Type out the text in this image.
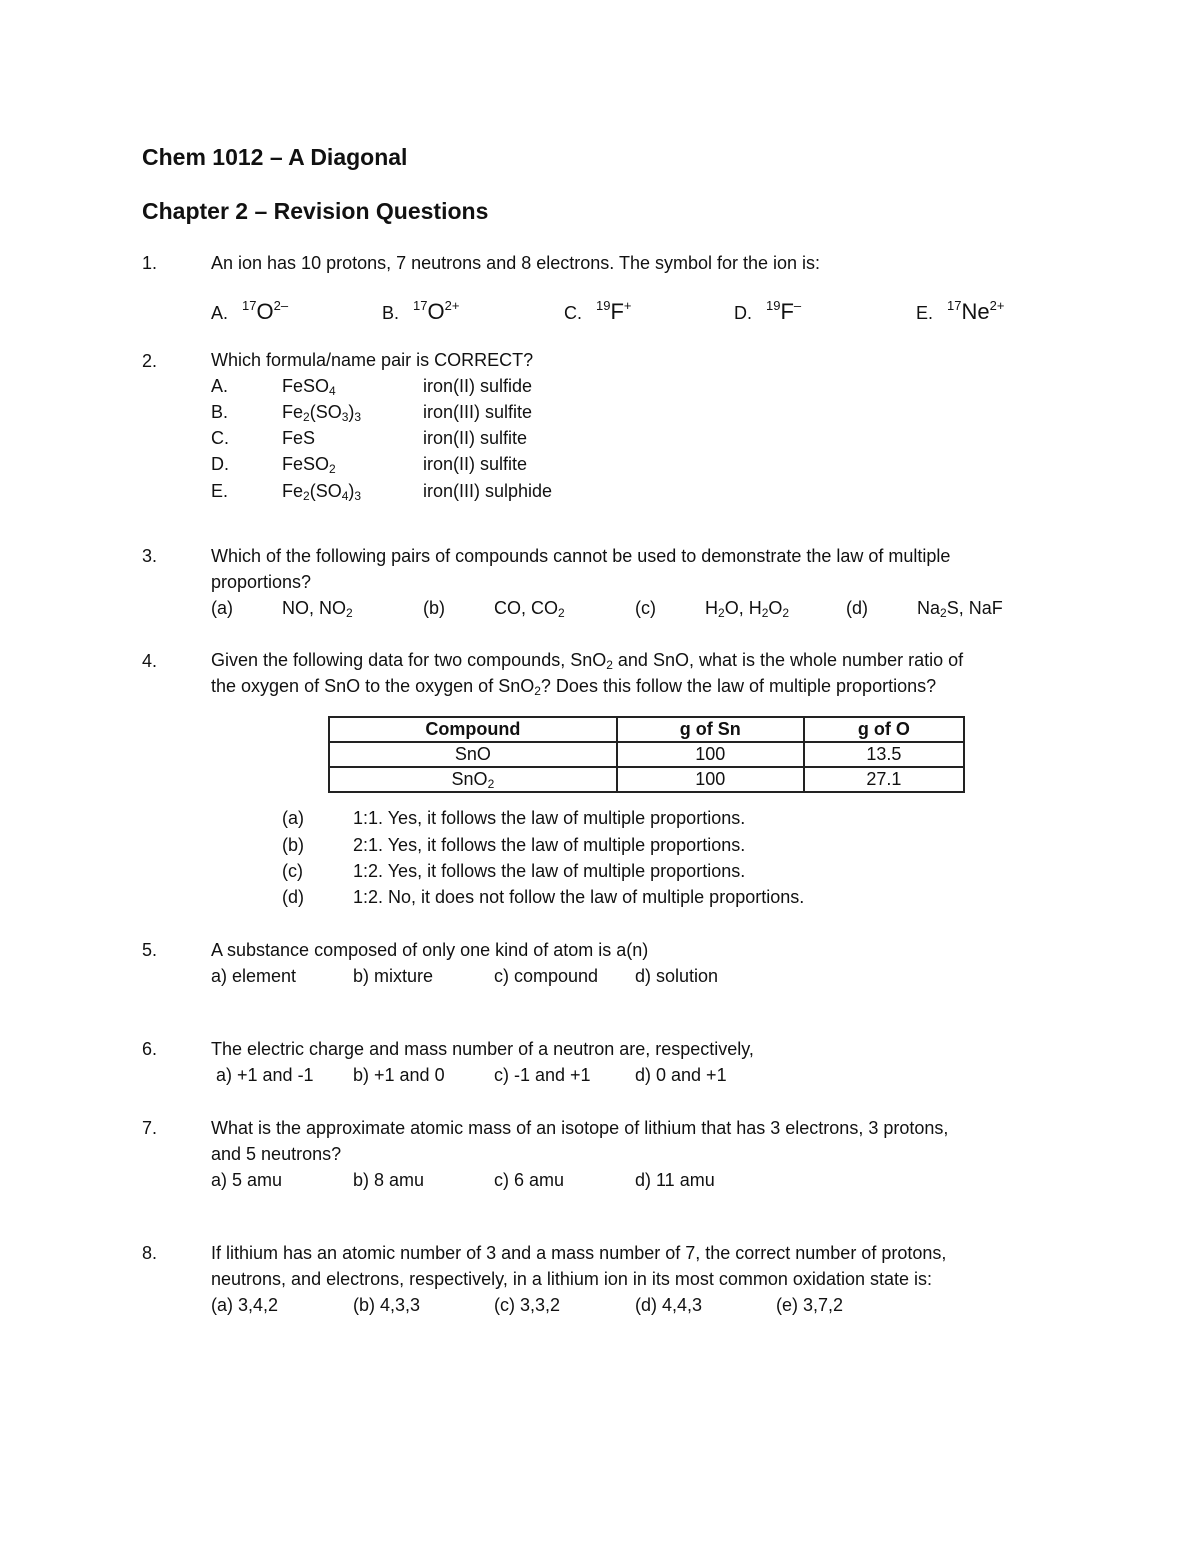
Chem 1012 – A Diagonal
Chapter 2 – Revision Questions
1.	An ion has 10 protons, 7 neutrons and 8 electrons. The symbol for the ion is:
A. $^{17}O^{2-}$	B. $^{17}O^{2+}$	C. $^{19}$F+	D. $^{19}$F–	E. $^{17}Ne^{2+}$
2.	Which formula/name pair is CORRECT?
A.	FeSO$_4$	iron(II) sulfide
B.	$Fe_2(SO_3)_3$	iron(III) sulfite
C.	FeS	iron(II) sulfite
D.	FeSO$_2$	iron(II) sulfite
E.	$Fe_2(SO_4)_3$	iron(III) sulphide
3.	Which of the following pairs of compounds cannot be used to demonstrate the law of multiple
proportions?
(a)	NO, $NO_2$	(b)	CO, $CO_2$	(c)	$H_2O$, $H_2O_2$	(d)	$Na_2S$, NaF
4.	Given the following data for two compounds, SnO$_2$ and SnO, what is the whole number ratio of
the oxygen of SnO to the oxygen of SnO$_2$? Does this follow the law of multiple proportions?
Compound	g of Sn	g of O
SnO	100	13.5
SnO$_2$	100	27.1
(a)	1:1. Yes, it follows the law of multiple proportions.
(b)	2:1. Yes, it follows the law of multiple proportions.
(c)	1:2. Yes, it follows the law of multiple proportions.
(d)	1:2. No, it does not follow the law of multiple proportions.
5.	A substance composed of only one kind of atom is a(n)
a) element	b) mixture	c) compound d) solution
6.	The electric charge and mass number of a neutron are, respectively,
a) +1 and -1 b) +1 and 0	c) -1 and +1 d) 0 and +1
7.	What is the approximate atomic mass of an isotope of lithium that has 3 electrons, 3 protons,
and 5 neutrons?
a) 5 amu	b) 8 amu	c) 6 amu	d) 11 amu
8.	If lithium has an atomic number of 3 and a mass number of 7, the correct number of protons,
neutrons, and electrons, respectively, in a lithium ion in its most common oxidation state is:
(a) 3,4,2	(b) 4,3,3	(c) 3,3,2	(d) 4,4,3	(e) 3,7,2
